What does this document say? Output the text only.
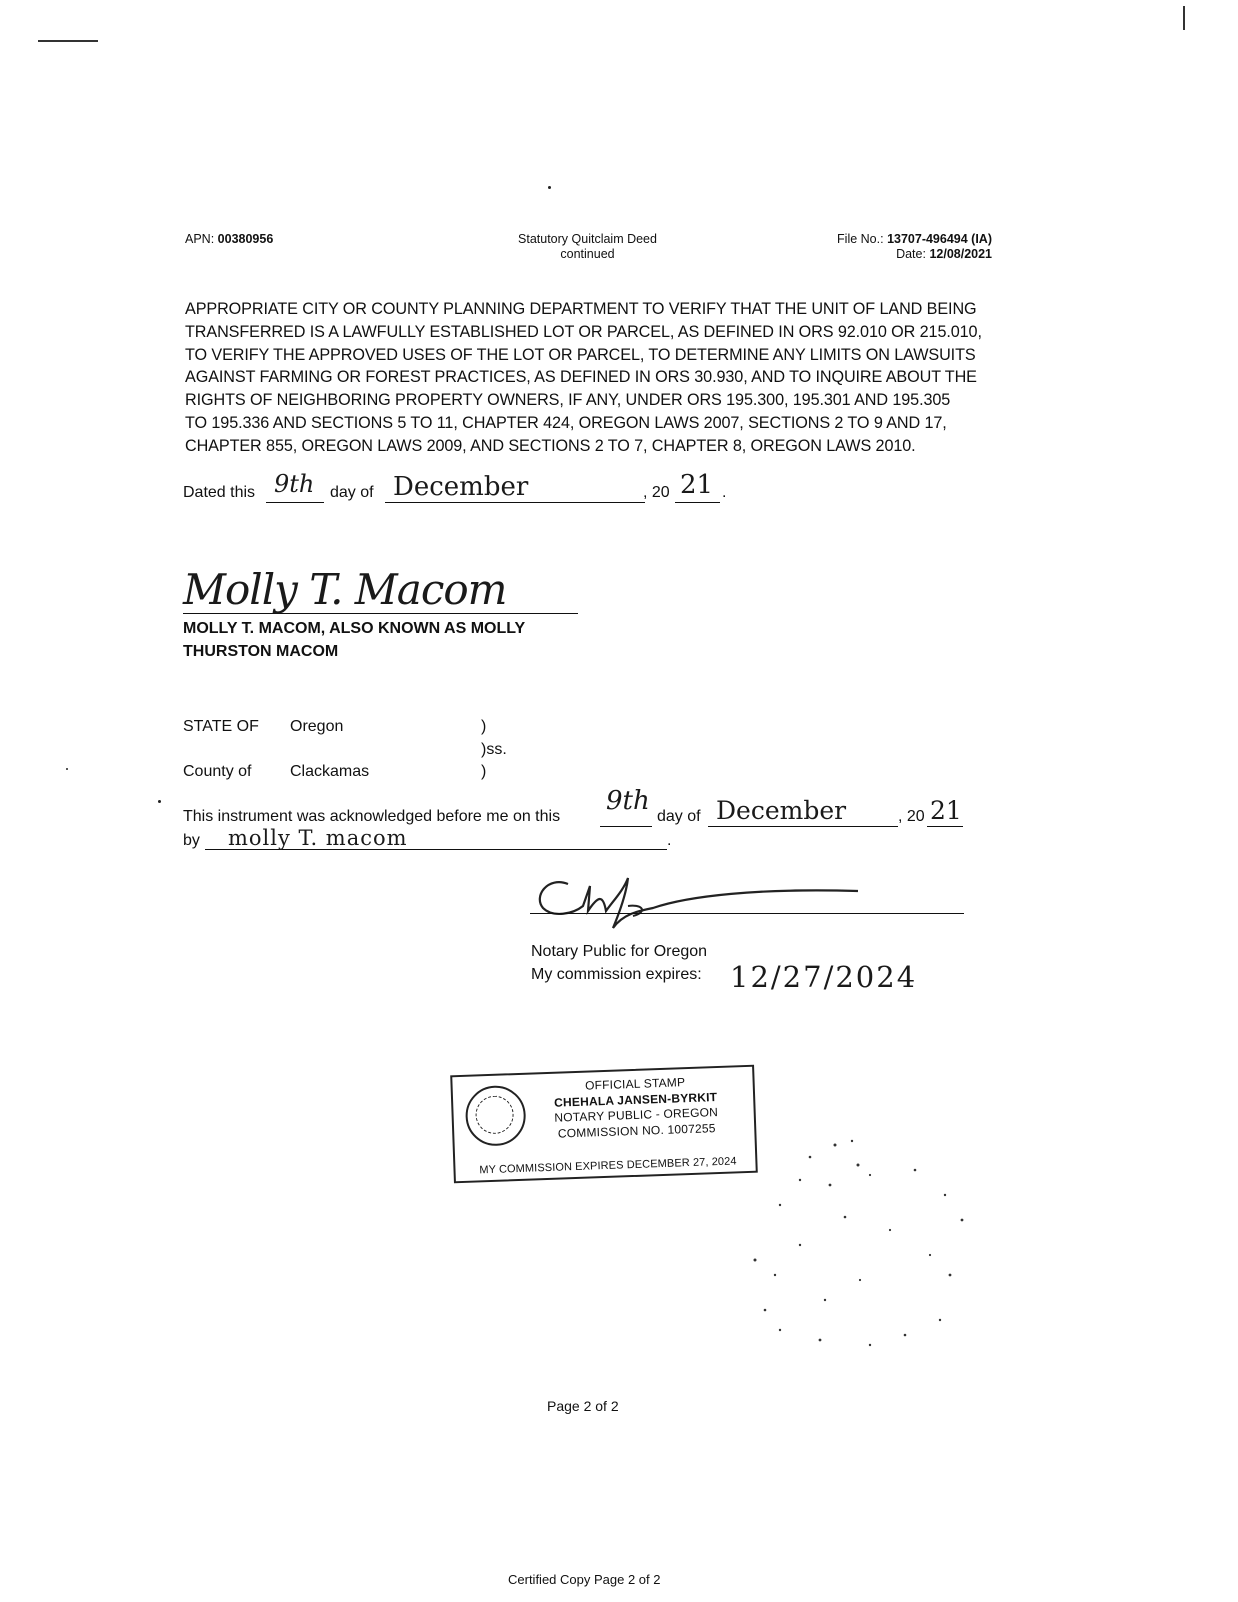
APN: 00380956	Statutory Quitclaim Deed
continued
File No.: 13707-496494 (IA)
Date: 12/08/2021
APPROPRIATE CITY OR COUNTY PLANNING DEPARTMENT TO VERIFY THAT THE UNIT OF LAND BEING
TRANSFERRED IS A LAWFULLY ESTABLISHED LOT OR PARCEL, AS DEFINED IN ORS 92.010 OR 215.010,
TO VERIFY THE APPROVED USES OF THE LOT OR PARCEL, TO DETERMINE ANY LIMITS ON LAWSUITS
AGAINST FARMING OR FOREST PRACTICES, AS DEFINED IN ORS 30.930, AND TO INQUIRE ABOUT THE
RIGHTS OF NEIGHBORING PROPERTY OWNERS, IF ANY, UNDER ORS 195.300, 195.301 AND 195.305
TO 195.336 AND SECTIONS 5 TO 11, CHAPTER 424, OREGON LAWS 2007, SECTIONS 2 TO 9 AND 17,
CHAPTER 855, OREGON LAWS 2009, AND SECTIONS 2 TO 7, CHAPTER 8, OREGON LAWS 2010.
Dated this 9th day of December	, 20 21 .
Molly T. Macom
MOLLY T. MACOM, ALSO KNOWN AS MOLLY
THURSTON MACOM
STATE OF Oregon	)
)ss.
County of Clackamas	)
This instrument was acknowledged before me on this
9th
day of December	, 20 21
by molly T. macom	.
Notary Public for Oregon
My commission expires: 12/27/2024
OFFICIAL STAMP
CHEHALA JANSEN-BYRKIT
NOTARY PUBLIC - OREGON
COMMISSION NO. 1007255
MY COMMISSION EXPIRES DECEMBER 27, 2024
Page 2 of 2
Certified Copy Page 2 of 2
